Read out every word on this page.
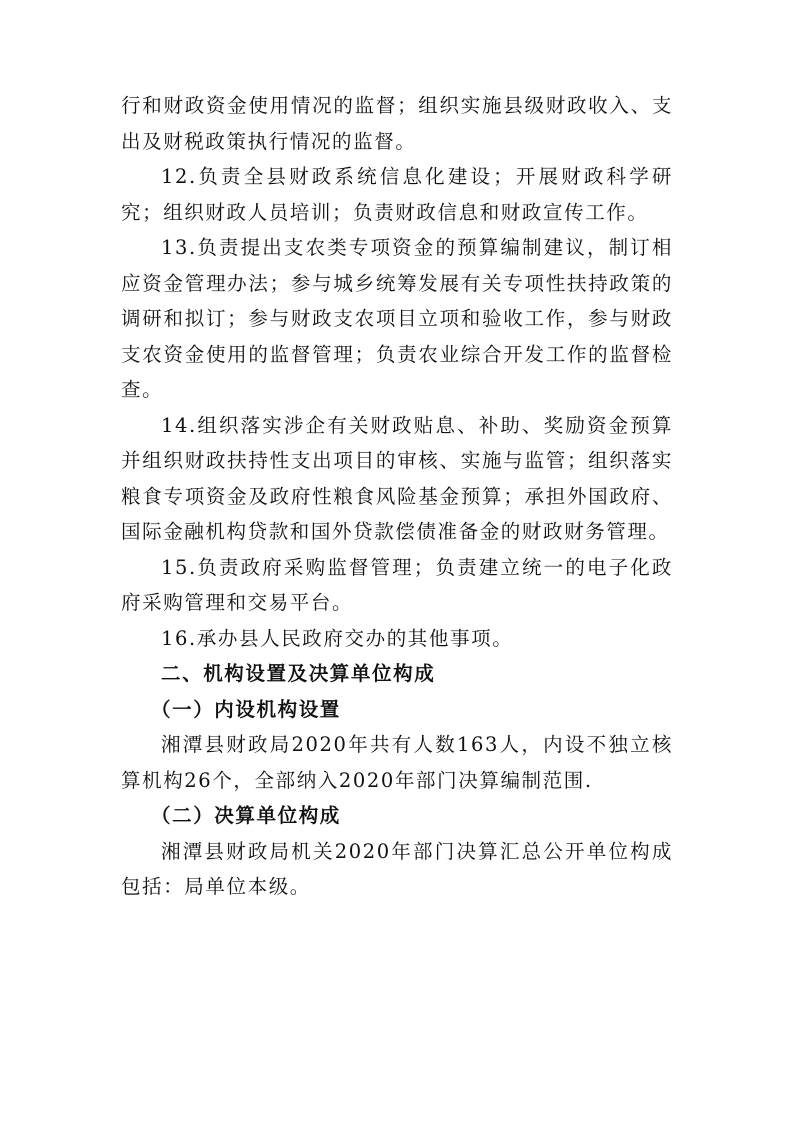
行和财政资金使用情况的监督；组织实施县级财政收入、支出及财税政策执行情况的监督。

12.负责全县财政系统信息化建设；开展财政科学研究；组织财政人员培训；负责财政信息和财政宣传工作。

13.负责提出支农类专项资金的预算编制建议，制订相应资金管理办法；参与城乡统筹发展有关专项性扶持政策的调研和拟订；参与财政支农项目立项和验收工作，参与财政支农资金使用的监督管理；负责农业综合开发工作的监督检查。

14.组织落实涉企有关财政贴息、补助、奖励资金预算并组织财政扶持性支出项目的审核、实施与监管；组织落实粮食专项资金及政府性粮食风险基金预算；承担外国政府、国际金融机构贷款和国外贷款偿债准备金的财政财务管理。

15.负责政府采购监督管理；负责建立统一的电子化政府采购管理和交易平台。

16.承办县人民政府交办的其他事项。

二、机构设置及决算单位构成

（一）内设机构设置

湘潭县财政局2020年共有人数163人，内设不独立核算机构26个，全部纳入2020年部门决算编制范围.

（二）决算单位构成

湘潭县财政局机关2020年部门决算汇总公开单位构成包括：局单位本级。
